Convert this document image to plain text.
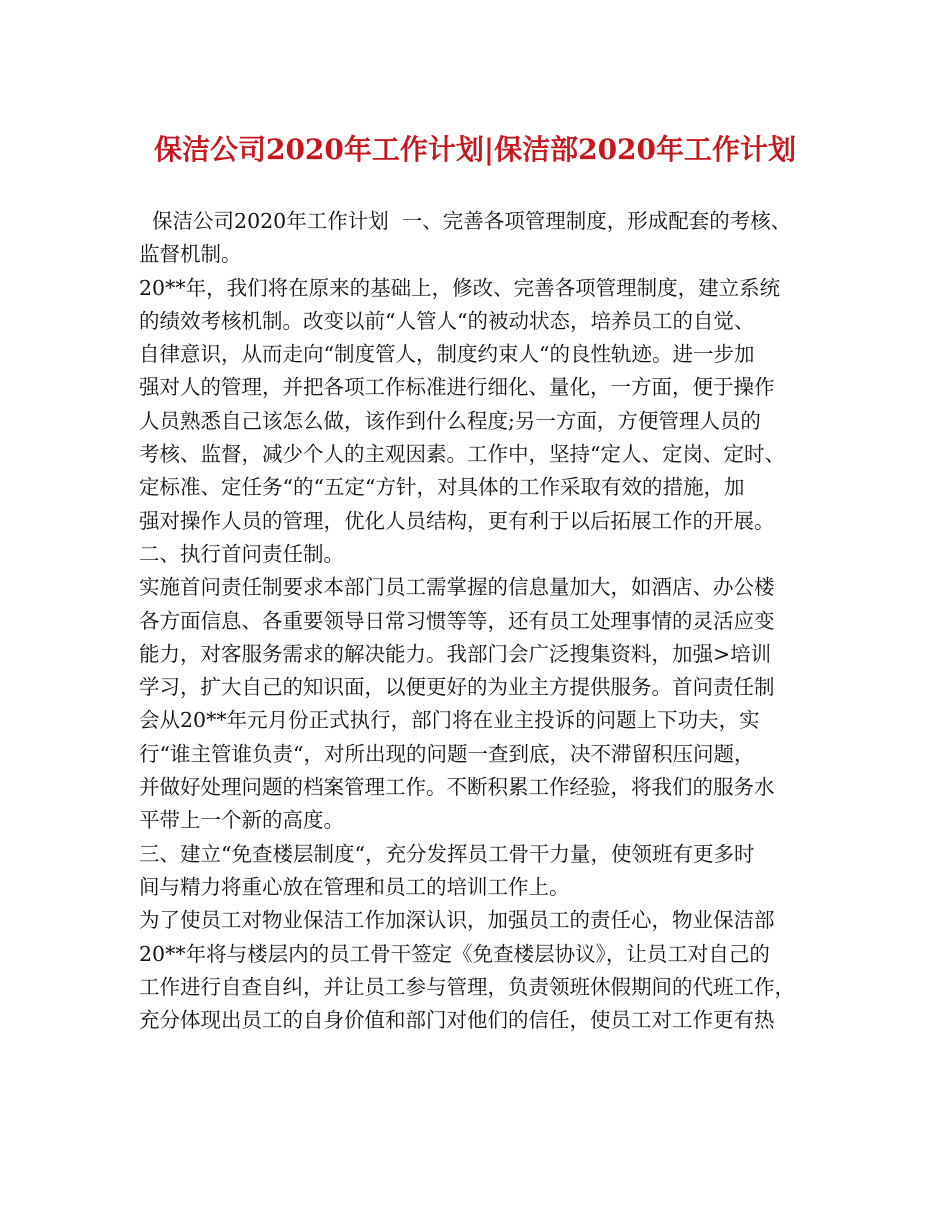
保洁公司2020年工作计划|保洁部2020年工作计划
保洁公司2020年工作计划  一、完善各项管理制度，形成配套的考核、
监督机制。
20**年，我们将在原来的基础上，修改、完善各项管理制度，建立系统
的绩效考核机制。改变以前“人管人“的被动状态，培养员工的自觉、
自律意识，从而走向“制度管人，制度约束人“的良性轨迹。进一步加
强对人的管理，并把各项工作标准进行细化、量化，一方面，便于操作
人员熟悉自己该怎么做，该作到什么程度;另一方面，方便管理人员的
考核、监督，减少个人的主观因素。工作中，坚持“定人、定岗、定时、
定标准、定任务“的“五定“方针，对具体的工作采取有效的措施，加
强对操作人员的管理，优化人员结构，更有利于以后拓展工作的开展。
二、执行首问责任制。
实施首问责任制要求本部门员工需掌握的信息量加大，如酒店、办公楼
各方面信息、各重要领导日常习惯等等，还有员工处理事情的灵活应变
能力，对客服务需求的解决能力。我部门会广泛搜集资料，加强>培训
学习，扩大自己的知识面，以便更好的为业主方提供服务。首问责任制
会从20**年元月份正式执行，部门将在业主投诉的问题上下功夫，实
行“谁主管谁负责“，对所出现的问题一查到底，决不滞留积压问题，
并做好处理问题的档案管理工作。不断积累工作经验，将我们的服务水
平带上一个新的高度。
三、建立“免查楼层制度“，充分发挥员工骨干力量，使领班有更多时
间与精力将重心放在管理和员工的培训工作上。
为了使员工对物业保洁工作加深认识，加强员工的责任心，物业保洁部
20**年将与楼层内的员工骨干签定《免查楼层协议》，让员工对自己的
工作进行自查自纠，并让员工参与管理，负责领班休假期间的代班工作，
充分体现出员工的自身价值和部门对他们的信任，使员工对工作更有热
